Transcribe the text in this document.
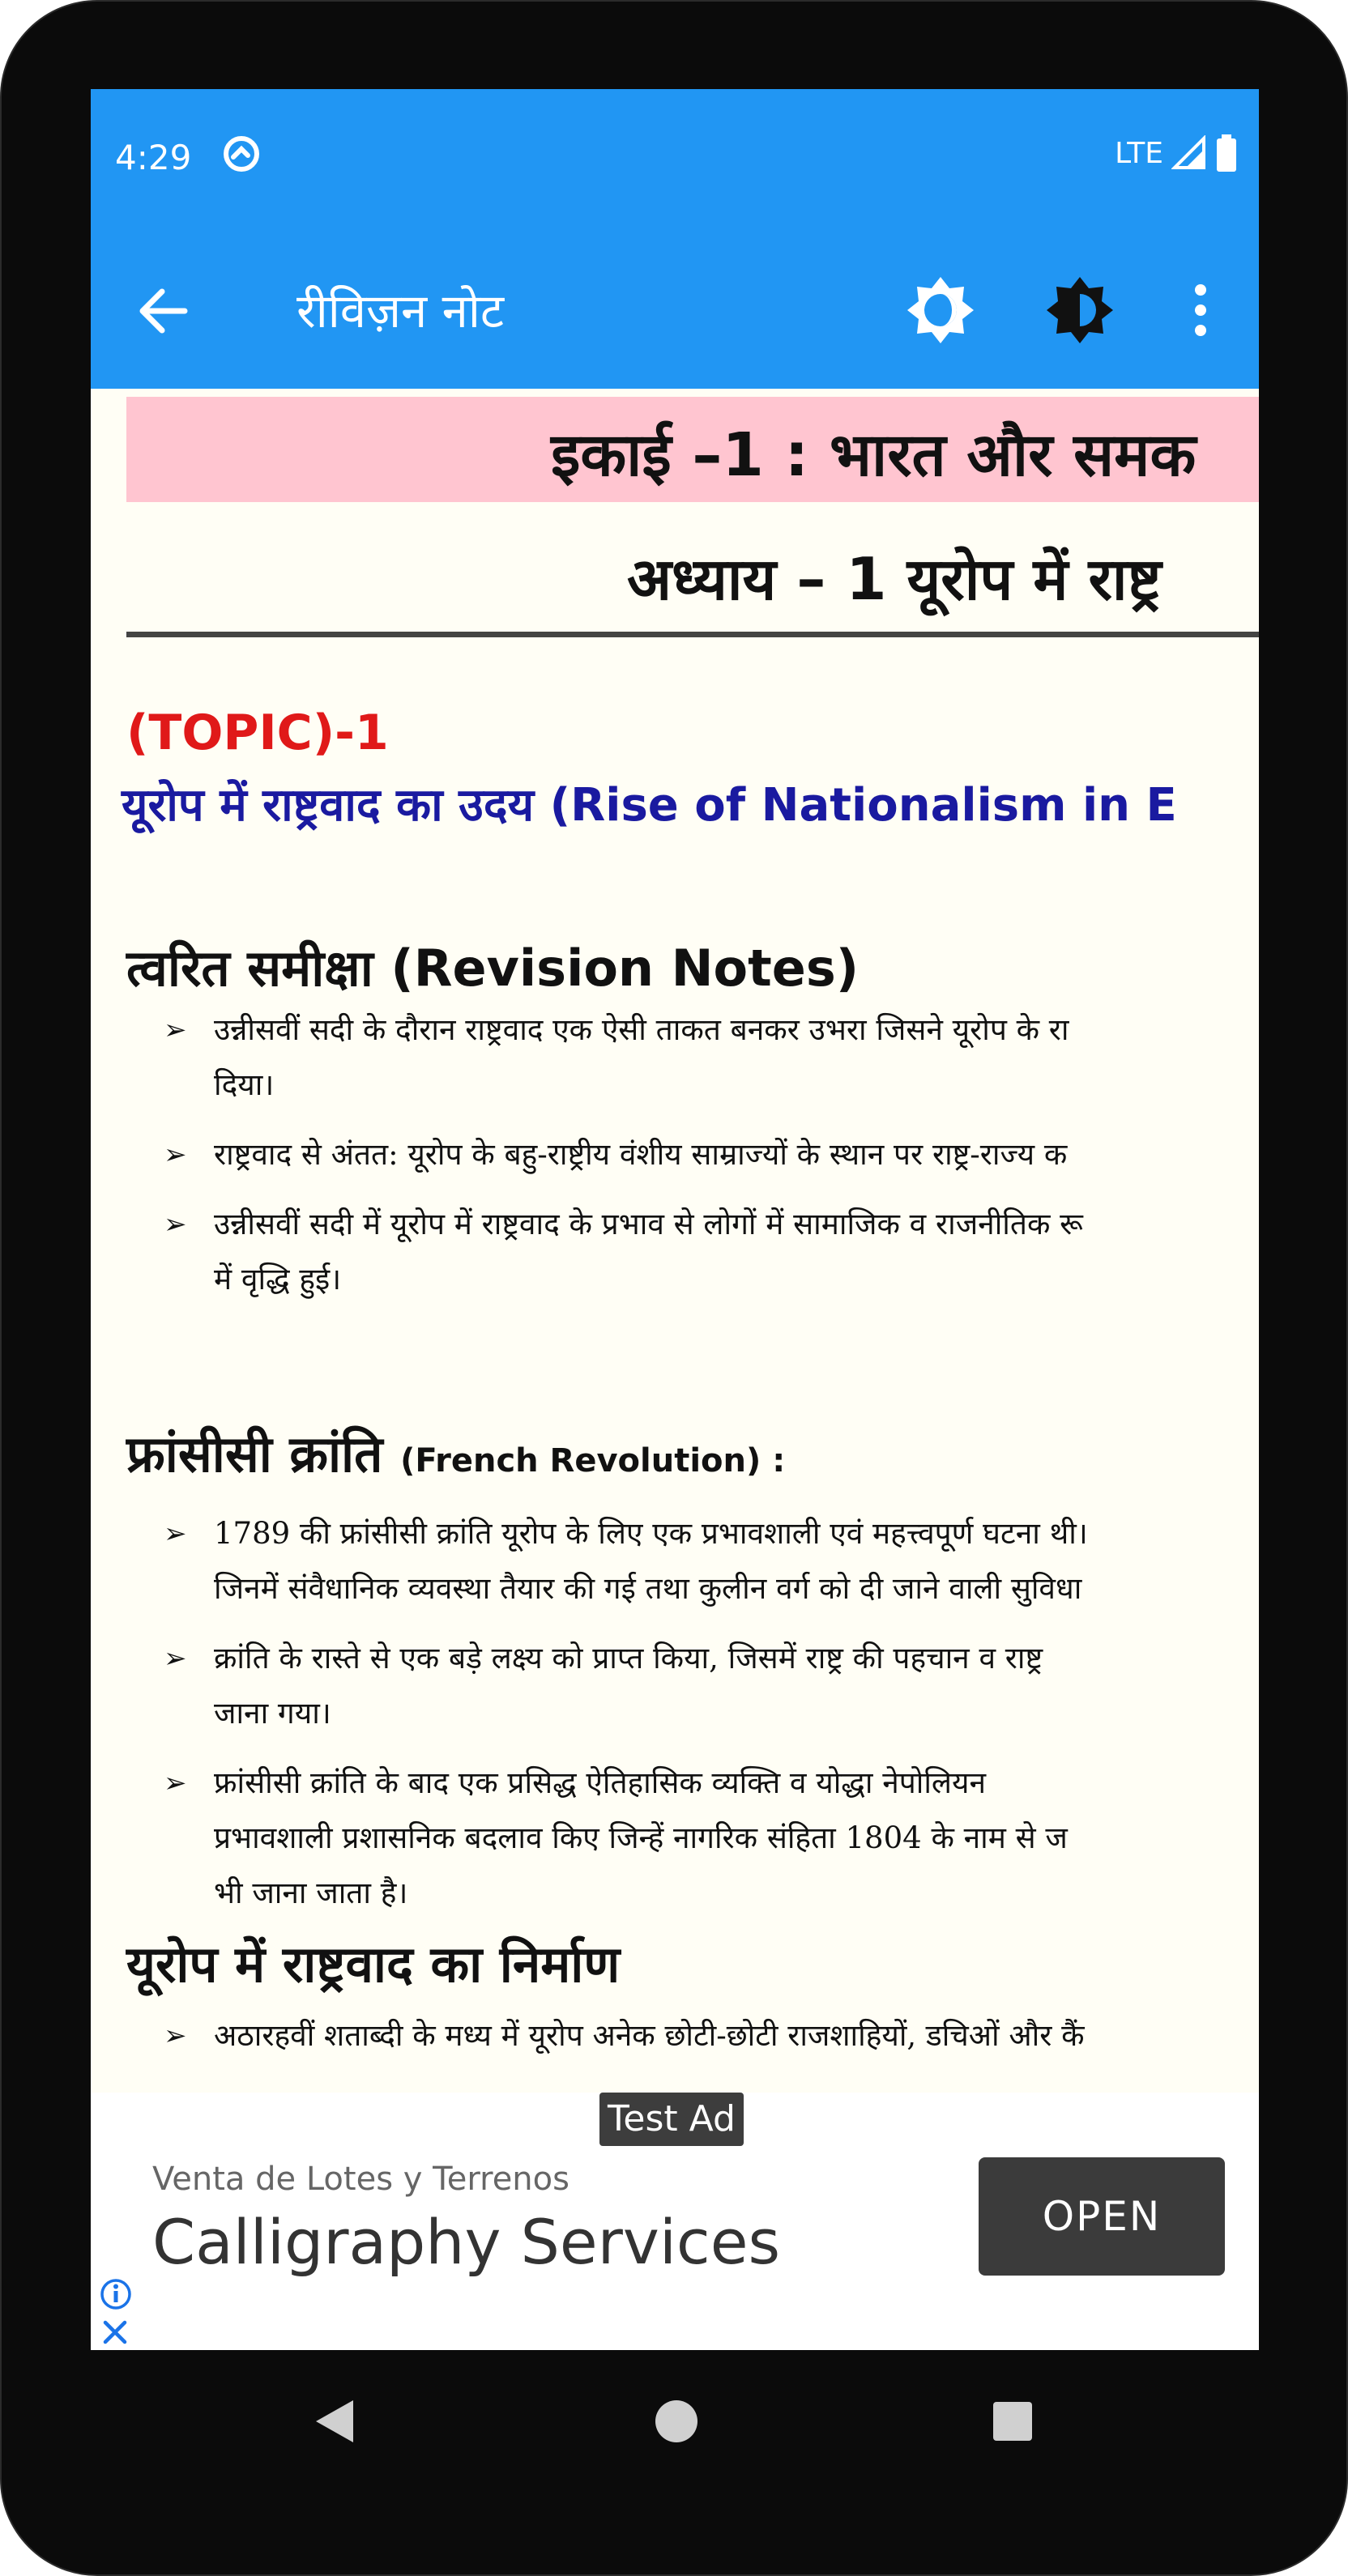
4:29	LTE
रीविज़न नोट
इकाई –1 : भारत और समक
अध्याय – 1 यूरोप में राष्ट्र
(TOPIC)-1
यूरोप में राष्ट्रवाद का उदय (Rise of Nationalism in E
त्वरित समीक्षा (Revision Notes)
➢ उन्नीसवीं सदी के दौरान राष्ट्रवाद एक ऐसी ताकत बनकर उभरा जिसने यूरोप के रा
दिया।
➢ राष्ट्रवाद से अंतत: यूरोप के बहु-राष्ट्रीय वंशीय साम्राज्यों के स्थान पर राष्ट्र-राज्य क
➢ उन्नीसवीं सदी में यूरोप में राष्ट्रवाद के प्रभाव से लोगों में सामाजिक व राजनीतिक रू
में वृद्धि हुई।
फ्रांसीसी क्रांति (French Revolution) :
➢ 1789 की फ्रांसीसी क्रांति यूरोप के लिए एक प्रभावशाली एवं महत्त्वपूर्ण घटना थी।
जिनमें संवैधानिक व्यवस्था तैयार की गई तथा कुलीन वर्ग को दी जाने वाली सुविधा
➢ क्रांति के रास्ते से एक बड़े लक्ष्य को प्राप्त किया, जिसमें राष्ट्र की पहचान व राष्ट्र
जाना गया।
➢ फ्रांसीसी क्रांति के बाद एक प्रसिद्ध ऐतिहासिक व्यक्ति व योद्धा नेपोलियन
प्रभावशाली प्रशासनिक बदलाव किए जिन्हें नागरिक संहिता 1804 के नाम से ज
भी जाना जाता है।
यूरोप में राष्ट्रवाद का निर्माण
➢ अठारहवीं शताब्दी के मध्य में यूरोप अनेक छोटी-छोटी राजशाहियों, डचिओं और कैं
Test Ad
Venta de Lotes y Terrenos
Calligraphy Services	OPEN
